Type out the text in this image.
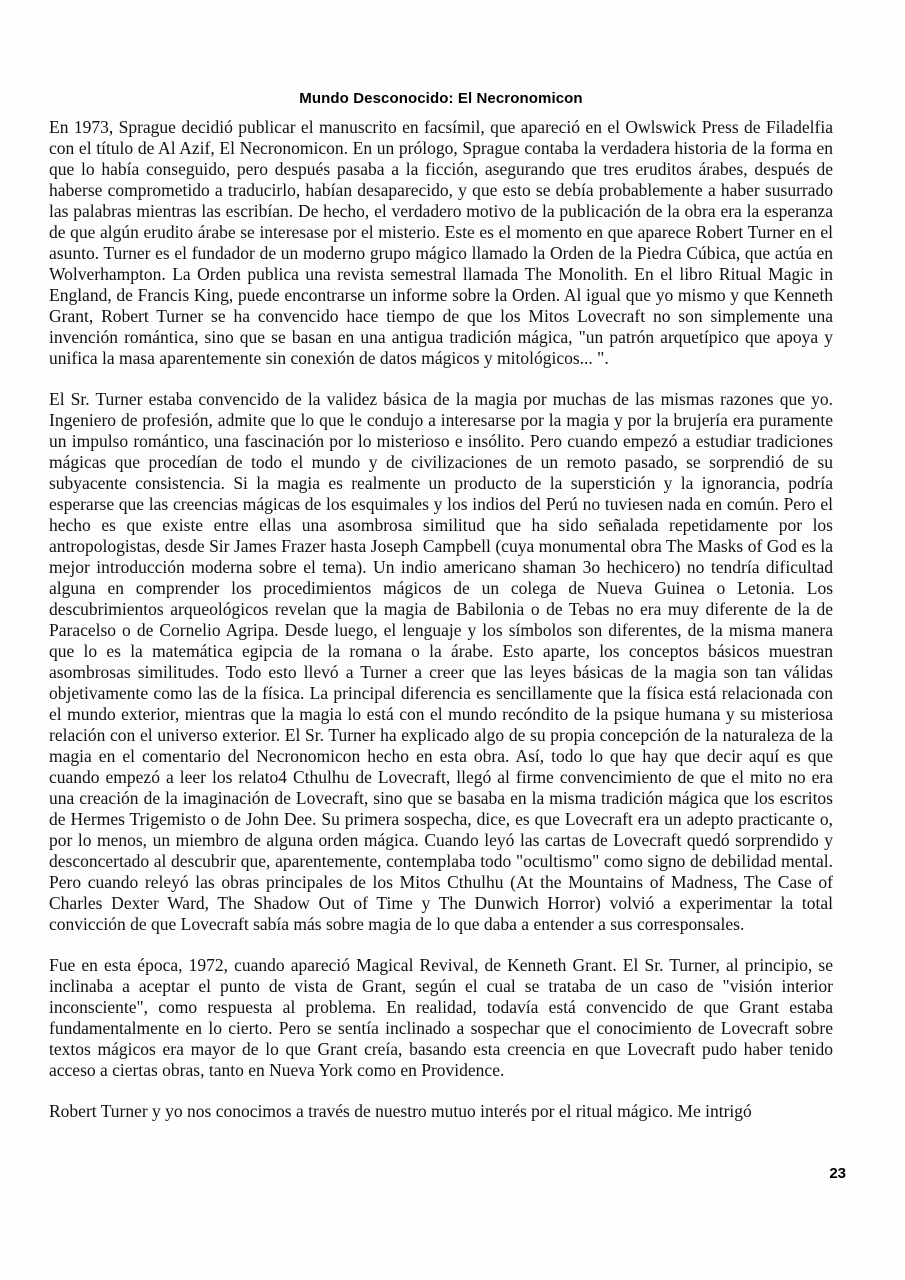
Mundo Desconocido: El Necronomicon

En 1973, Sprague decidió publicar el manuscrito en facsímil, que apareció en el Owlswick Press de Filadelfia con el título de Al Azif, El Necronomicon. En un prólogo, Sprague contaba la verdadera historia de la forma en que lo había conseguido, pero después pasaba a la ficción, asegurando que tres eruditos árabes, después de haberse comprometido a traducirlo, habían desaparecido, y que esto se debía probablemente a haber susurrado las palabras mientras las escribían. De hecho, el verdadero motivo de la publicación de la obra era la esperanza de que algún erudito árabe se interesase por el misterio. Este es el momento en que aparece Robert Turner en el asunto. Turner es el fundador de un moderno grupo mágico llamado la Orden de la Piedra Cúbica, que actúa en Wolverhampton. La Orden publica una revista semestral llamada The Monolith. En el libro Ritual Magic in England, de Francis King, puede encontrarse un informe sobre la Orden. Al igual que yo mismo y que Kenneth Grant, Robert Turner se ha convencido hace tiempo de que los Mitos Lovecraft no son simplemente una invención romántica, sino que se basan en una antigua tradición mágica, "un patrón arquetípico que apoya y unifica la masa aparentemente sin conexión de datos mágicos y mitológicos... ".

El Sr. Turner estaba convencido de la validez básica de la magia por muchas de las mismas razones que yo. Ingeniero de profesión, admite que lo que le condujo a interesarse por la magia y por la brujería era puramente un impulso romántico, una fascinación por lo misterioso e insólito. Pero cuando empezó a estudiar tradiciones mágicas que procedían de todo el mundo y de civilizaciones de un remoto pasado, se sorprendió de su subyacente consistencia. Si la magia es realmente un producto de la superstición y la ignorancia, podría esperarse que las creencias mágicas de los esquimales y los indios del Perú no tuviesen nada en común. Pero el hecho es que existe entre ellas una asombrosa similitud que ha sido señalada repetidamente por los antropologistas, desde Sir James Frazer hasta Joseph Campbell (cuya monumental obra The Masks of God es la mejor introducción moderna sobre el tema). Un indio americano shaman 3o hechicero) no tendría dificultad alguna en comprender los procedimientos mágicos de un colega de Nueva Guinea o Letonia. Los descubrimientos arqueológicos revelan que la magia de Babilonia o de Tebas no era muy diferente de la de Paracelso o de Cornelio Agripa. Desde luego, el lenguaje y los símbolos son diferentes, de la misma manera que lo es la matemática egipcia de la romana o la árabe. Esto aparte, los conceptos básicos muestran asombrosas similitudes. Todo esto llevó a Turner a creer que las leyes básicas de la magia son tan válidas objetivamente como las de la física. La principal diferencia es sencillamente que la física está relacionada con el mundo exterior, mientras que la magia lo está con el mundo recóndito de la psique humana y su misteriosa relación con el universo exterior. El Sr. Turner ha explicado algo de su propia concepción de la naturaleza de la magia en el comentario del Necronomicon hecho en esta obra. Así, todo lo que hay que decir aquí es que cuando empezó a leer los relato4 Cthulhu de Lovecraft, llegó al firme convencimiento de que el mito no era una creación de la imaginación de Lovecraft, sino que se basaba en la misma tradición mágica que los escritos de Hermes Trigemisto o de John Dee. Su primera sospecha, dice, es que Lovecraft era un adepto practicante o, por lo menos, un miembro de alguna orden mágica. Cuando leyó las cartas de Lovecraft quedó sorprendido y desconcertado al descubrir que, aparentemente, contemplaba todo "ocultismo" como signo de debilidad mental. Pero cuando releyó las obras principales de los Mitos Cthulhu (At the Mountains of Madness, The Case of Charles Dexter Ward, The Shadow Out of Time y The Dunwich Horror) volvió a experimentar la total convicción de que Lovecraft sabía más sobre magia de lo que daba a entender a sus corresponsales.

Fue en esta época, 1972, cuando apareció Magical Revival, de Kenneth Grant. El Sr. Turner, al principio, se inclinaba a aceptar el punto de vista de Grant, según el cual se trataba de un caso de "visión interior inconsciente", como respuesta al problema. En realidad, todavía está convencido de que Grant estaba fundamentalmente en lo cierto. Pero se sentía inclinado a sospechar que el conocimiento de Lovecraft sobre textos mágicos era mayor de lo que Grant creía, basando esta creencia en que Lovecraft pudo haber tenido acceso a ciertas obras, tanto en Nueva York como en Providence.

Robert Turner y yo nos conocimos a través de nuestro mutuo interés por el ritual mágico. Me intrigó

23
